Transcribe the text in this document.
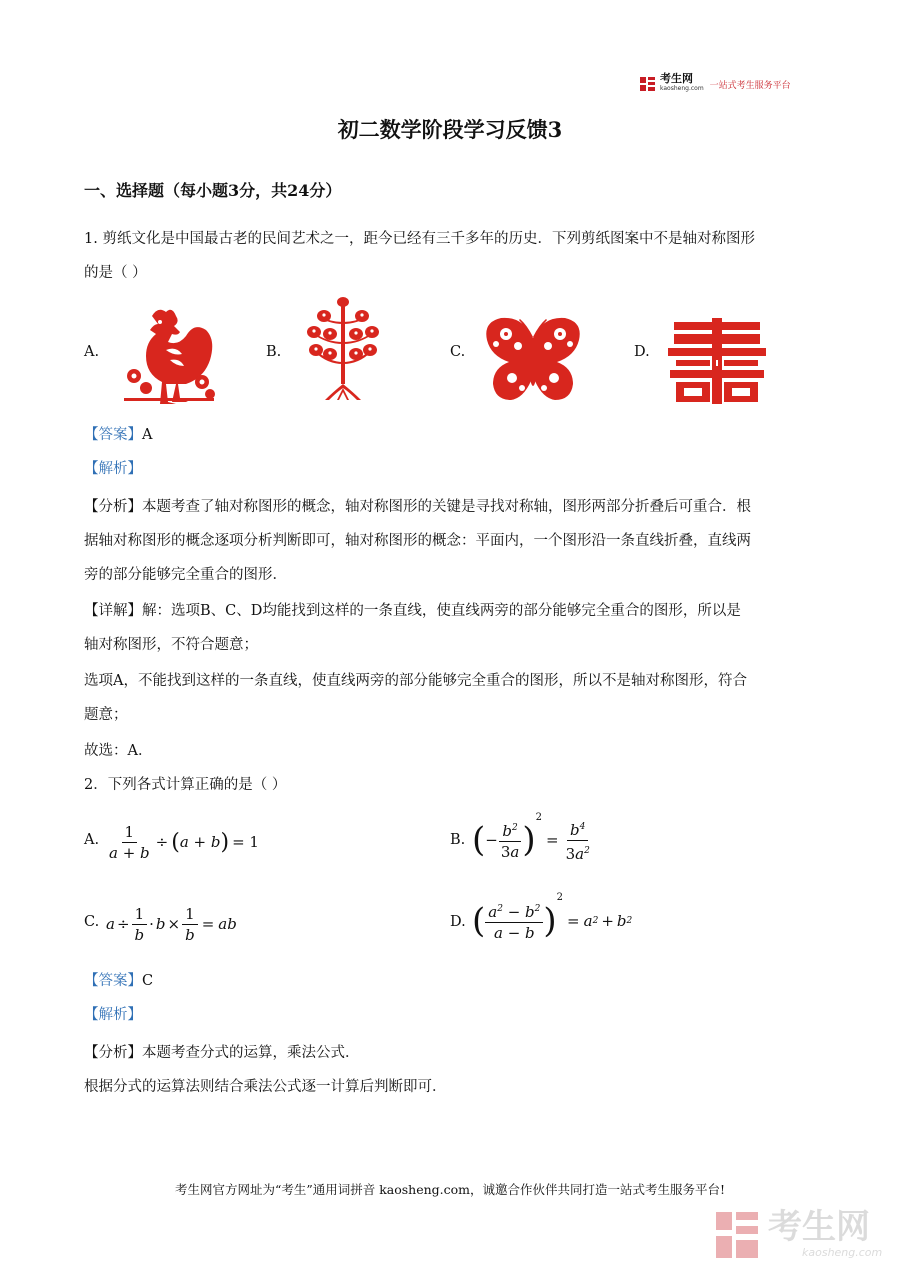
考生网
kaosheng.com 一站式考生服务平台
初二数学阶段学习反馈3
一、选择题（每小题3分，共24分）
1. 剪纸文化是中国最古老的民间艺术之一，距今已经有三千多年的历史．下列剪纸图案中不是轴对称图形
的是（ ）
A.	B.	C.	D.
【答案】A
【解析】
【分析】本题考查了轴对称图形的概念，轴对称图形的关键是寻找对称轴，图形两部分折叠后可重合．根
据轴对称图形的概念逐项分析判断即可，轴对称图形的概念：平面内，一个图形沿一条直线折叠，直线两
旁的部分能够完全重合的图形．
【详解】解：选项B、C、D均能找到这样的一条直线，使直线两旁的部分能够完全重合的图形，所以是
轴对称图形，不符合题意；
选项A，不能找到这样的一条直线，使直线两旁的部分能够完全重合的图形，所以不是轴对称图形，符合
题意；
故选：A．
2．下列各式计算正确的是（ ）
A. $\frac{1}{a + b}$ ÷ ( a + b ) = 1	B. ( − $\frac{b^2}{3a}$ )
$^2$
= $\frac{b^4}{3a^2}$
C. $a \div \frac{1}{b} \cdot b \times \frac{1}{b}$ = ab	D. ( $\frac{a^2 - b^2}{a - b}$ )
$^2$
= a 2 + b 2
【答案】C
【解析】
【分析】本题考查分式的运算，乘法公式．
根据分式的运算法则结合乘法公式逐一计算后判断即可．
考生网官方网址为“考生”通用词拼音 kaosheng.com，诚邀合作伙伴共同打造一站式考生服务平台!
考生网
kaosheng.com
